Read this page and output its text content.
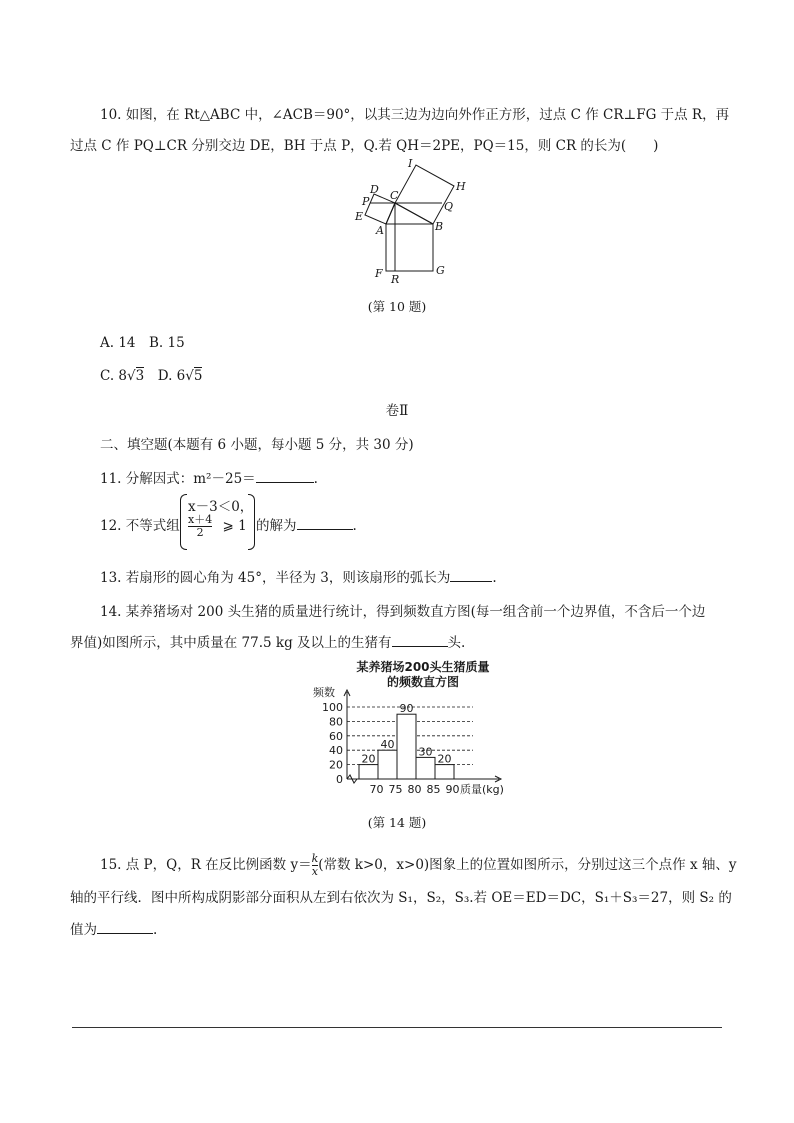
10. 如图，在 Rt△ABC 中，∠ACB＝90°，以其三边为边向外作正方形，过点 C 作 CR⊥FG 于点 R，再
过点 C 作 PQ⊥CR 分别交边 DE，BH 于点 P，Q.若 QH＝2PE，PQ＝15，则 CR 的长为(　　)
I
H
D C
P	Q
E
A	B
F R
G
(第 10 题)
A. 14　B. 15
C. 8√3　 D. 6√5
卷Ⅱ
二、填空题(本题有 6 小题，每小题 5 分，共 30 分)
11. 分解因式：m²－25＝	.
12. 不等式组
x－3＜0，
$\frac{x+4}{2}$ ⩾ 1 的解为	.
13. 若扇形的圆心角为 45°，半径为 3，则该扇形的弧长为	.
14. 某养猪场对 200 头生猪的质量进行统计，得到频数直方图(每一组含前一个边界值，不含后一个边
界值)如图所示，其中质量在 77.5 kg 及以上的生猪有	头.
某养猪场200头生猪质量
的频数直方图
频数
0
20
40
60
80
100
70 75 80 85 90
20
40
90
30
20
质量(kg)
(第 14 题)
15. 点 P，Q，R 在反比例函数 $y= \frac{k}{x}$ (常数 k>0，x>0)图象上的位置如图所示，分别过这三个点作 x 轴、y
轴的平行线．图中所构成阴影部分面积从左到右依次为 S₁，S₂，S₃.若 OE＝ED＝DC，S₁＋S₃＝27，则 S₂ 的
值为	.
